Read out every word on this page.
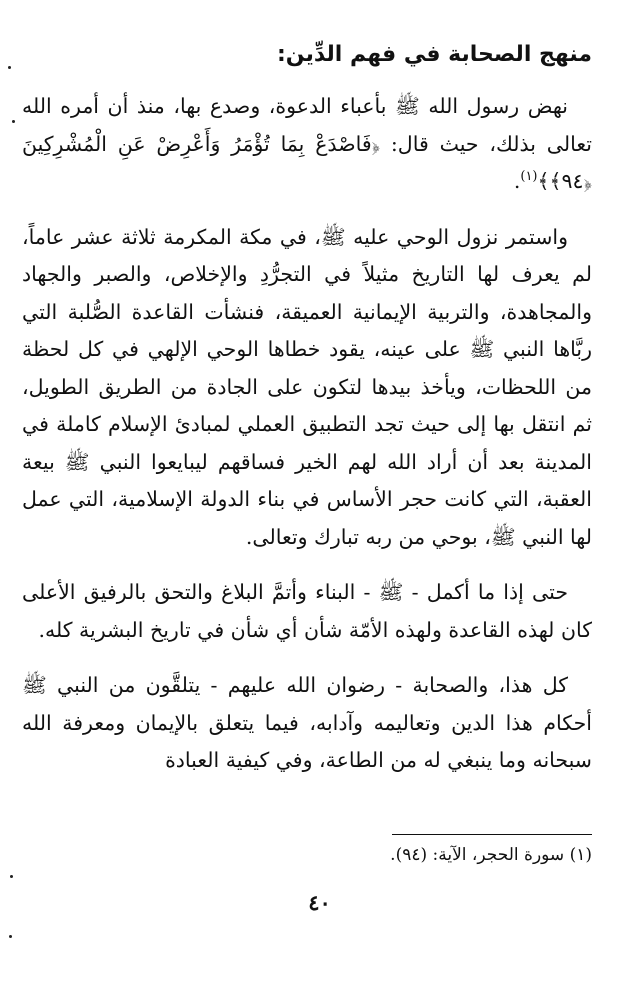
منهج الصحابة في فهم الدِّين:

نهض رسول الله ﷺ بأعباء الدعوة، وصدع بها، منذ أن أمره الله تعالى بذلك، حيث قال: ﴿فَاصْدَعْ بِمَا تُؤْمَرُ وَأَعْرِضْ عَنِ الْمُشْرِكِينَ ﴿٩٤﴾﴾$^{(١)}$.

واستمر نزول الوحي عليه ﷺ، في مكة المكرمة ثلاثة عشر عاماً، لم يعرف لها التاريخ مثيلاً في التجرُّدِ والإخلاص، والصبر والجهاد والمجاهدة، والتربية الإيمانية العميقة، فنشأت القاعدة الصُّلبة التي ربَّاها النبي ﷺ على عينه، يقود خطاها الوحي الإلهي في كل لحظة من اللحظات، ويأخذ بيدها لتكون على الجادة من الطريق الطويل، ثم انتقل بها إلى حيث تجد التطبيق العملي لمبادئ الإسلام كاملة في المدينة بعد أن أراد الله لهم الخير فساقهم ليبايعوا النبي ﷺ بيعة العقبة، التي كانت حجر الأساس في بناء الدولة الإسلامية، التي عمل لها النبي ﷺ، بوحي من ربه تبارك وتعالى.

حتى إذا ما أكمل - ﷺ - البناء وأتمَّ البلاغ والتحق بالرفيق الأعلى كان لهذه القاعدة ولهذه الأمّة شأن أي شأن في تاريخ البشرية كله.

كل هذا، والصحابة - رضوان الله عليهم - يتلقَّون من النبي ﷺ أحكام هذا الدين وتعاليمه وآدابه، فيما يتعلق بالإيمان ومعرفة الله سبحانه وما ينبغي له من الطاعة، وفي كيفية العبادة

(١) سورة الحجر، الآية: (٩٤).
٤٠
